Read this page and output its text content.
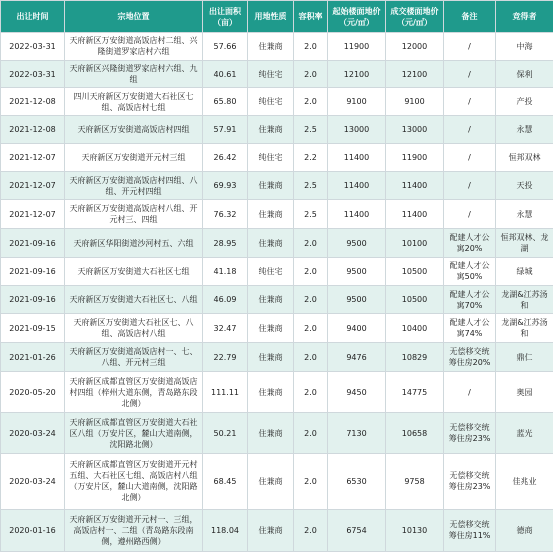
出让时间	宗地位置	出让面积（亩）	用地性质	容积率	起始楼面地价（元/㎡）	成交楼面地价（元/㎡）	备注	竞得者
2022-03-31	天府新区万安街道高饭店村二组、兴隆街道罗家店村六组	57.66	住兼商	2.0	11900	12000	/	中海
2022-03-31	天府新区兴隆街道罗家店村六组、九组	40.61	纯住宅	2.0	12100	12100	/	保利
2021-12-08	四川天府新区万安街道大石社区七组、高饭店村七组	65.80	纯住宅	2.0	9100	9100	/	产投
2021-12-08	天府新区万安街道高饭店村四组	57.91	住兼商	2.5	13000	13000	/	永慧
2021-12-07	天府新区万安街道开元村三组	26.42	纯住宅	2.2	11400	11900	/	恒邦双林
2021-12-07	天府新区万安街道高饭店村四组、八组、开元村四组	69.93	住兼商	2.5	11400	11400	/	天投
2021-12-07	天府新区万安街道高饭店村八组、开元村三、四组	76.32	住兼商	2.5	11400	11400	/	永慧
2021-09-16	天府新区华阳街道沙河村五、六组	28.95	住兼商	2.0	9500	10100	配建人才公寓20%	恒邦双林、龙湖
2021-09-16	天府新区万安街道大石社区七组	41.18	纯住宅	2.0	9500	10500	配建人才公寓50%	绿城
2021-09-16	天府新区万安街道大石社区七、八组	46.09	住兼商	2.0	9500	10500	配建人才公寓70%	龙湖&江苏汤和
2021-09-15	天府新区万安街道大石社区七、八组、高饭店村八组	32.47	住兼商	2.0	9400	10400	配建人才公寓74%	龙湖&江苏汤和
2021-01-26	天府新区万安街道高饭店村一、七、八组、开元村三组	22.79	住兼商	2.0	9476	10829	无偿移交统筹住房20%	鼎仁
2020-05-20	天府新区成都直管区万安街道高饭店村四组（梓州大道东侧，青岛路东段北侧）	111.11	住兼商	2.0	9450	14775	/	奥园
2020-03-24	天府新区成都直管区万安街道大石社区八组（万安片区，麓山大道南侧，沈阳路北侧）	50.21	住兼商	2.0	7130	10658	无偿移交统筹住房23%	蓝光
2020-03-24	天府新区成都直管区万安街道开元村五组、大石社区七组、高饭店村八组（万安片区，麓山大道南侧，沈阳路北侧）	68.45	住兼商	2.0	6530	9758	无偿移交统筹住房23%	佳兆业
2020-01-16	天府新区万安街道开元村一、三组，高饭店村一、二组（青岛路东段南侧，遵州路西侧）	118.04	住兼商	2.0	6754	10130	无偿移交统筹住房11%	德商
